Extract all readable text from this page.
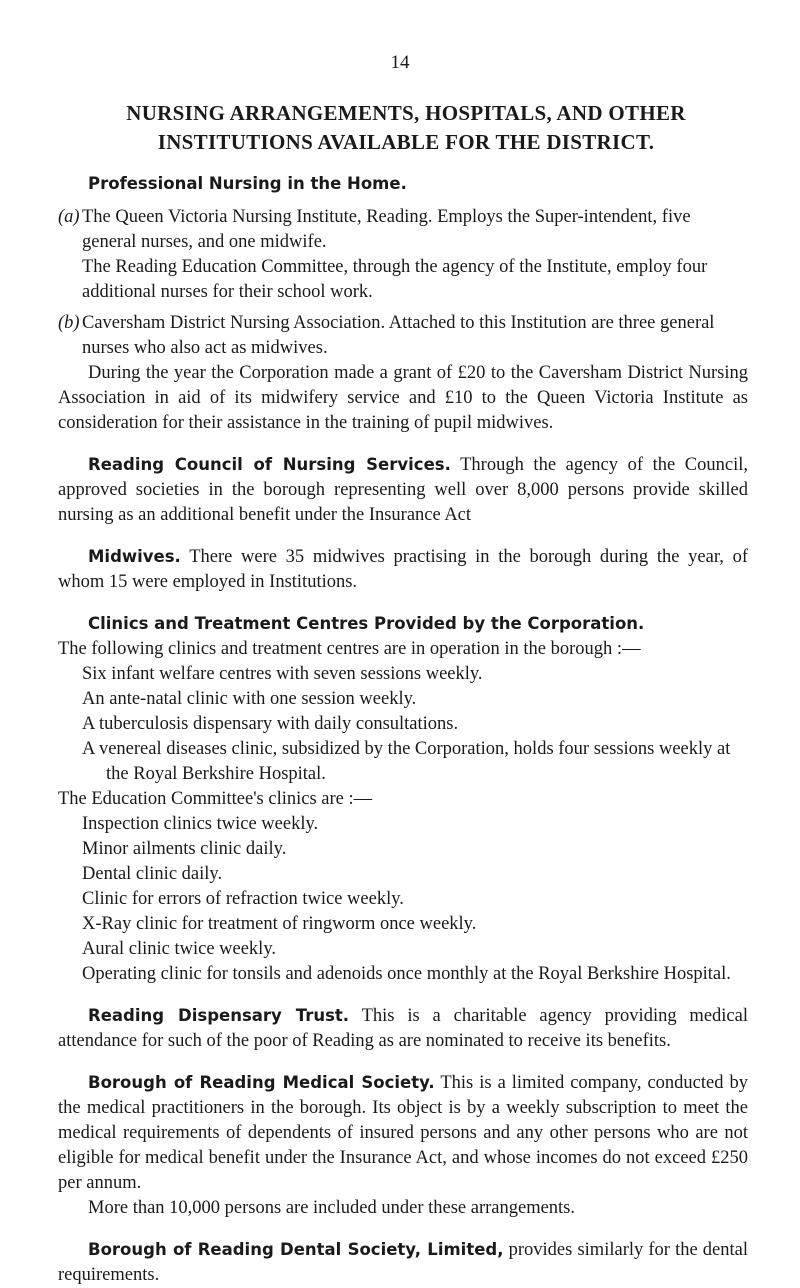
14
NURSING ARRANGEMENTS, HOSPITALS, AND OTHER
INSTITUTIONS AVAILABLE FOR THE DISTRICT.

Professional Nursing in the Home.

(a) The Queen Victoria Nursing Institute, Reading. Employs the Super-intendent, five general nurses, and one midwife.

The Reading Education Committee, through the agency of the Institute, employ four additional nurses for their school work.

(b) Caversham District Nursing Association. Attached to this Institution are three general nurses who also act as midwives.

During the year the Corporation made a grant of £20 to the Caversham District Nursing Association in aid of its midwifery service and £10 to the Queen Victoria Institute as consideration for their assistance in the training of pupil midwives.

Reading Council of Nursing Services. Through the agency of the Council, approved societies in the borough representing well over 8,000 persons provide skilled nursing as an additional benefit under the Insurance Act

Midwives. There were 35 midwives practising in the borough during the year, of whom 15 were employed in Institutions.

Clinics and Treatment Centres Provided by the Corporation.

The following clinics and treatment centres are in operation in the borough :—

Six infant welfare centres with seven sessions weekly.

An ante-natal clinic with one session weekly.

A tuberculosis dispensary with daily consultations.

A venereal diseases clinic, subsidized by the Corporation, holds four sessions weekly at the Royal Berkshire Hospital.

The Education Committee's clinics are :—

Inspection clinics twice weekly.

Minor ailments clinic daily.

Dental clinic daily.

Clinic for errors of refraction twice weekly.

X-Ray clinic for treatment of ringworm once weekly.

Aural clinic twice weekly.

Operating clinic for tonsils and adenoids once monthly at the Royal Berkshire Hospital.

Reading Dispensary Trust. This is a charitable agency providing medical attendance for such of the poor of Reading as are nominated to receive its benefits.

Borough of Reading Medical Society. This is a limited company, conducted by the medical practitioners in the borough. Its object is by a weekly subscription to meet the medical requirements of dependents of insured persons and any other persons who are not eligible for medical benefit under the Insurance Act, and whose incomes do not exceed £250 per annum.

More than 10,000 persons are included under these arrangements.

Borough of Reading Dental Society, Limited, provides similarly for the dental requirements.
